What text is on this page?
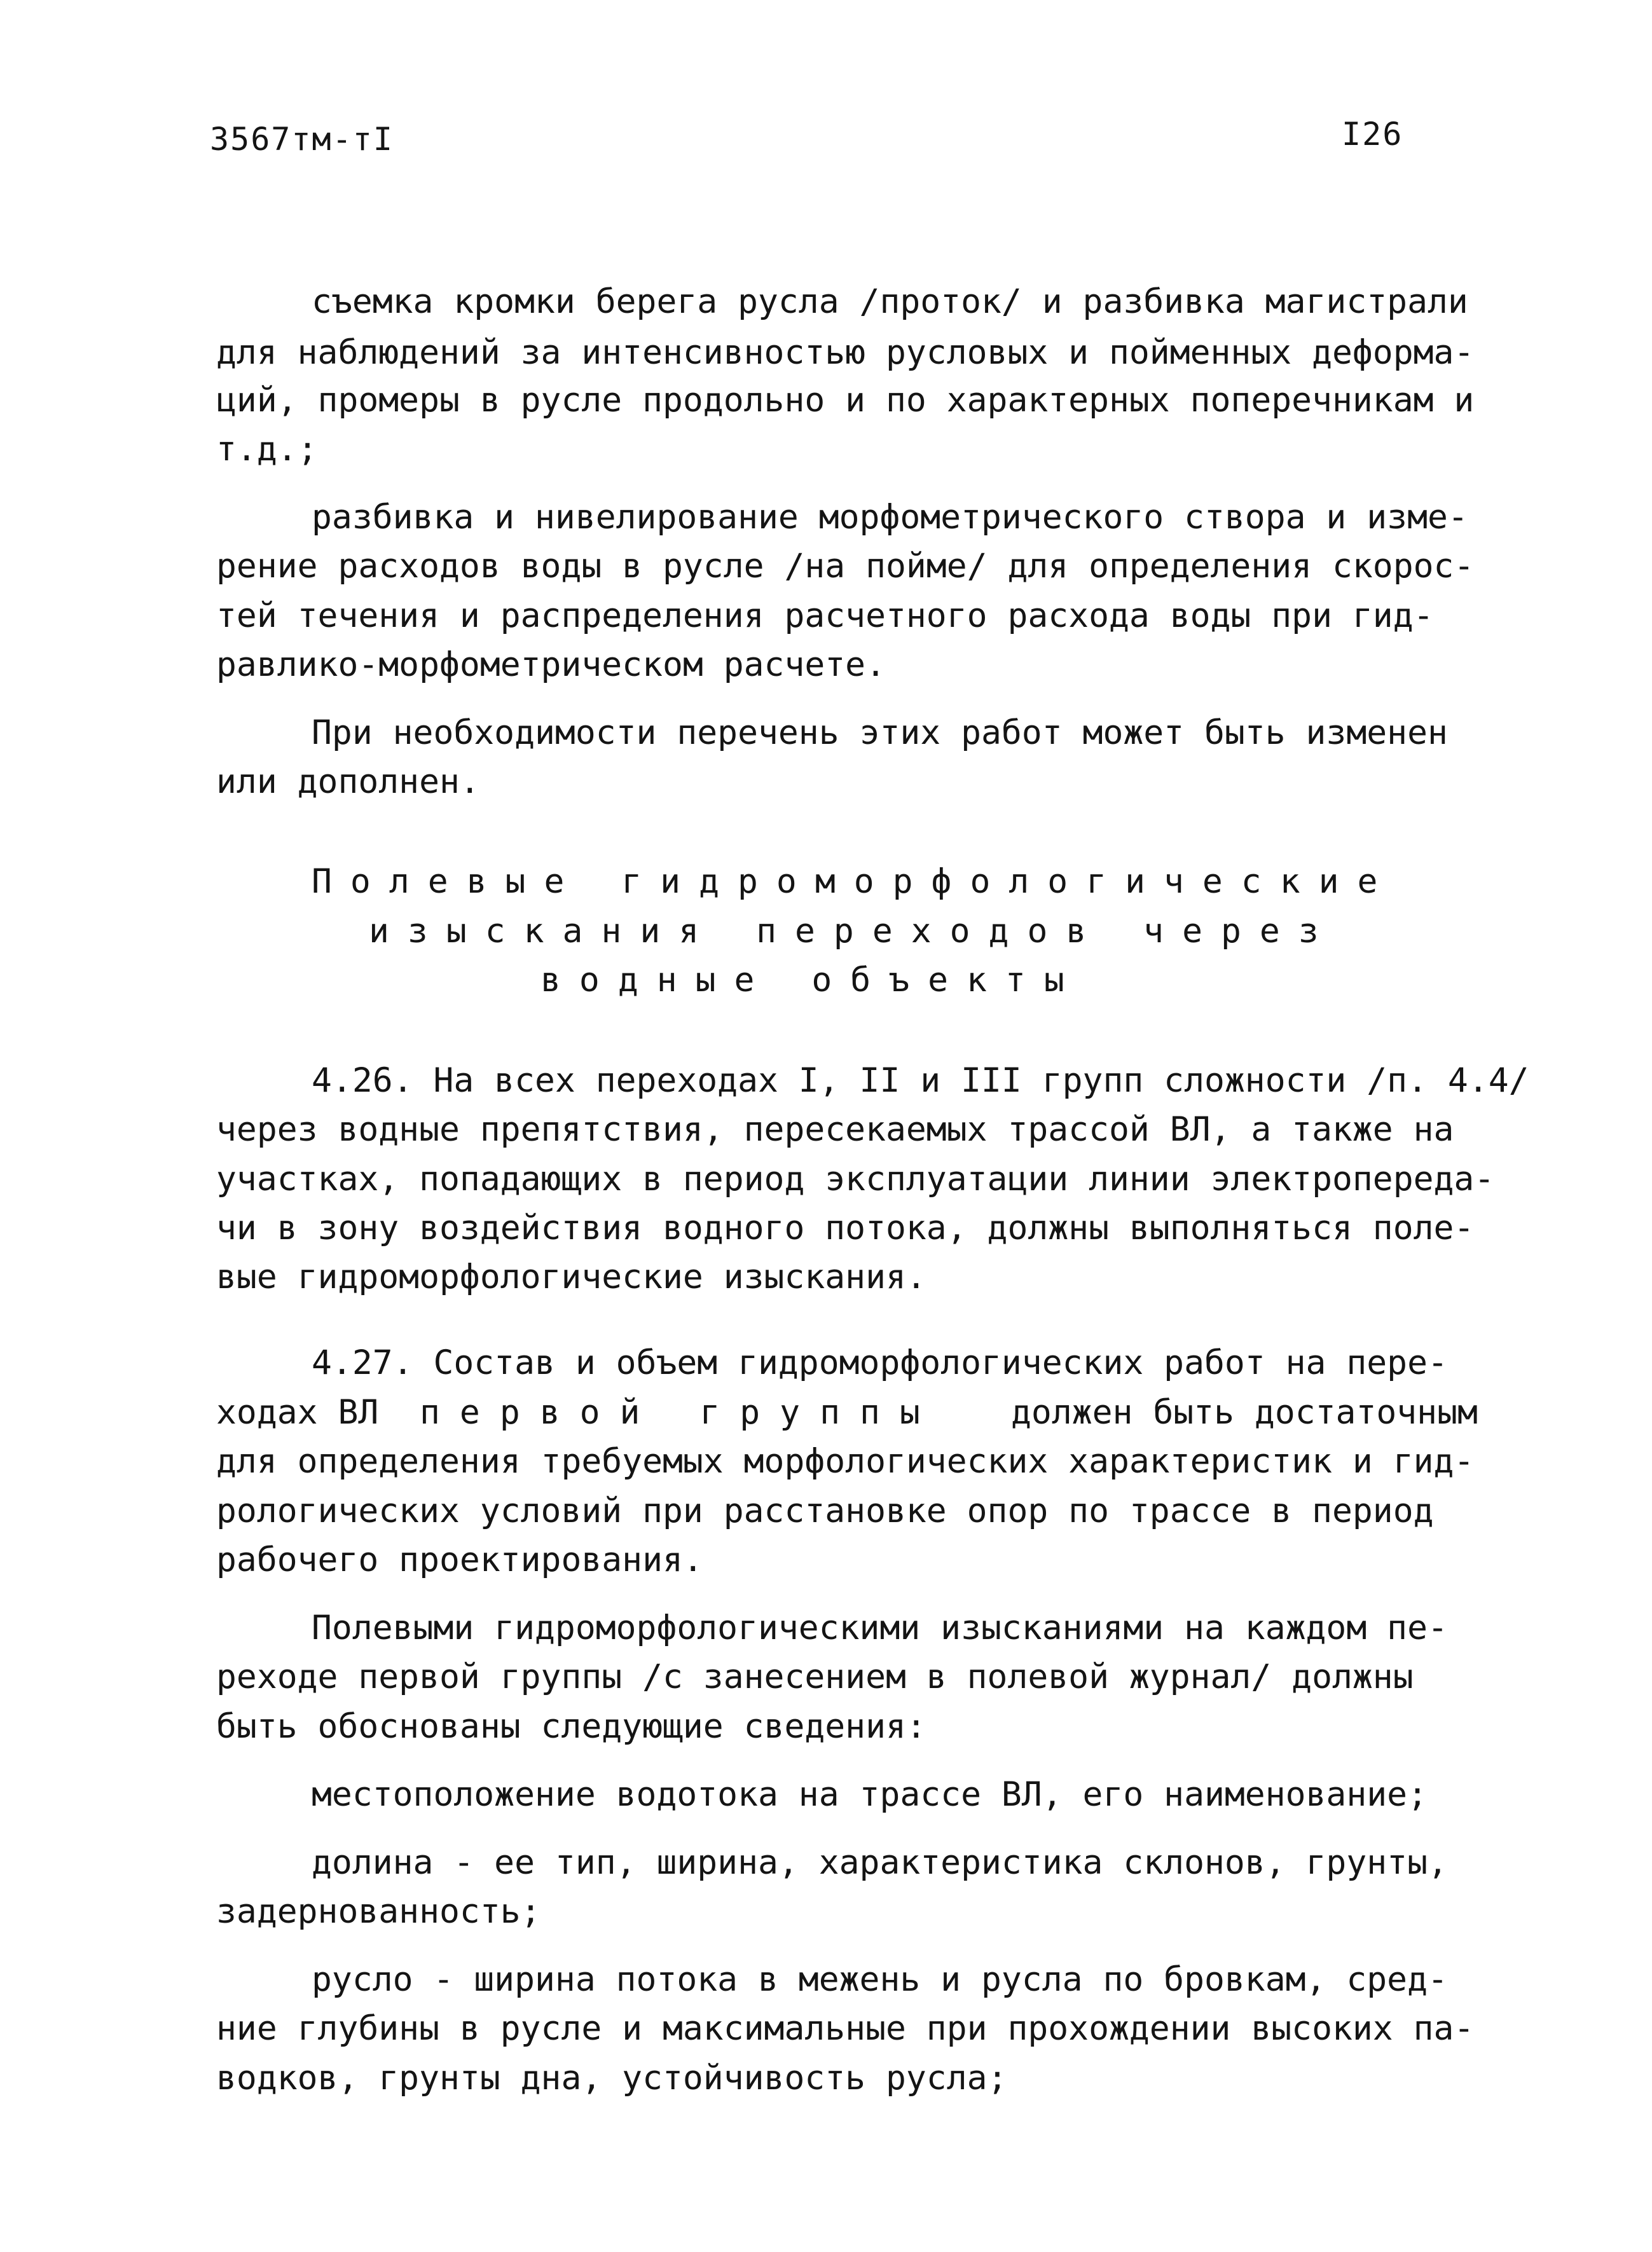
3567тм-тI	I26
съемка кромки берега русла /проток/ и разбивка магистрали
для наблюдений за интенсивностью русловых и пойменных деформа-
ций, промеры в русле продольно и по характерных поперечникам и
т.д.;
разбивка и нивелирование морфометрического створа и изме-
рение расходов воды в русле /на пойме/ для определения скорос-
тей течения и распределения расчетного расхода воды при гид-
равлико-морфометрическом расчете.
При необходимости перечень этих работ может быть изменен
или дополнен.
Полевые гидроморфологические
изыскания переходов через
водные объекты
4.26. На всех переходах I, II и III групп сложности /п. 4.4/
через водные препятствия, пересекаемых трассой ВЛ, а также на
участках, попадающих в период эксплуатации линии электропереда-
чи в зону воздействия водного потока, должны выполняться поле-
вые гидроморфологические изыскания.
4.27. Состав и объем гидроморфологических работ на пере-
ходах ВЛ первой группы должен быть достаточным
для определения требуемых морфологических характеристик и гид-
рологических условий при расстановке опор по трассе в период
рабочего проектирования.
Полевыми гидроморфологическими изысканиями на каждом пе-
реходе первой группы /с занесением в полевой журнал/ должны
быть обоснованы следующие сведения:
местоположение водотока на трассе ВЛ, его наименование;
долина - ее тип, ширина, характеристика склонов, грунты,
задернованность;
русло - ширина потока в межень и русла по бровкам, сред-
ние глубины в русле и максимальные при прохождении высоких па-
водков, грунты дна, устойчивость русла;
